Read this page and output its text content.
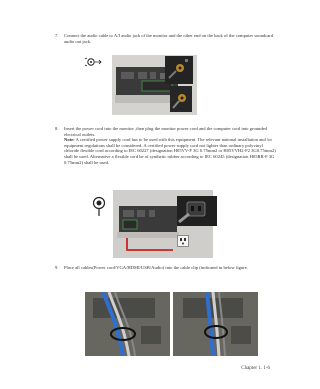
7. Connect the audio cable to A/I audio jack of the monitor and the other end on the back of the computer soundcard audio out jack.

8. Insert the power cord into the monitor ,then plug the monitor power cord and the computer cord into grounded electrical outlets.

Note: A certified power supply cord has to be used with this equipment. The relevant national installation and /or equipment regulations shall be considered. A certified power supply cord not lighter than ordinary polyvinyl chloride flexible cord according to IEC 60227 (designation H05VV-F 3G 0.75mm2 or H05VVH2-F2 3G0.75mm2) shall be used. Alternative a flexible cord be of synthetic rubber according to IEC 60245 (designation H05RR-F 3G 0.75mm2) shall be used.

9. Place all cables(Power cord/VGA/HDMI/USB/Audio) into the cable clip (indicated in below figure.

Chapter 1. 1-6
